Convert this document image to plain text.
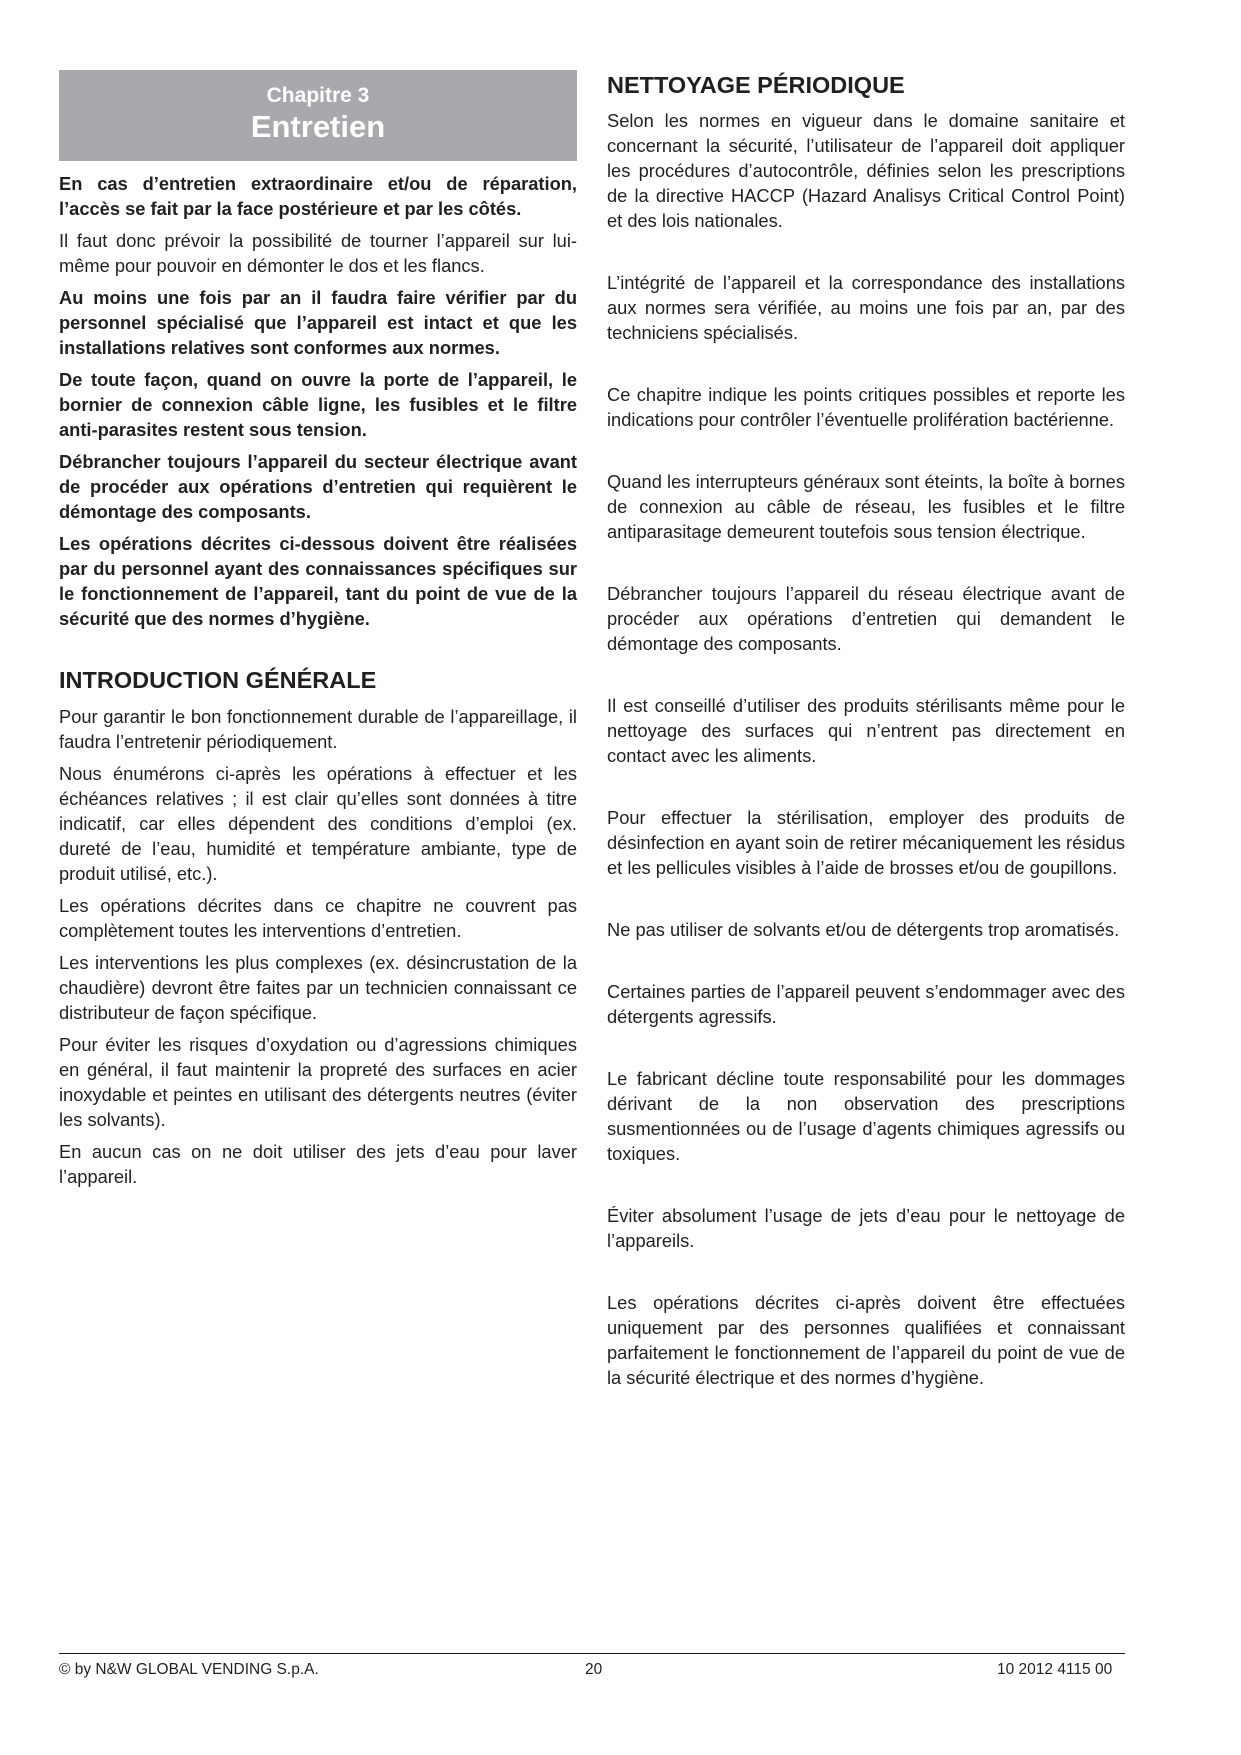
Chapitre 3
Entretien

En cas d’entretien extraordinaire et/ou de réparation, l’accès se fait par la face postérieure et par les côtés.

Il faut donc prévoir la possibilité de tourner l’appareil sur lui-même pour pouvoir en démonter le dos et les flancs.

Au moins une fois par an il faudra faire vérifier par du personnel spécialisé que l’appareil est intact et que les installations relatives sont conformes aux normes.

De toute façon, quand on ouvre la porte de l’appareil, le bornier de connexion câble ligne, les fusibles et le filtre anti-parasites restent sous tension.

Débrancher toujours l’appareil du secteur électrique avant de procéder aux opérations d’entretien qui requièrent le démontage des composants.

Les opérations décrites ci-dessous doivent être réalisées par du personnel ayant des connaissances spécifiques sur le fonctionnement de l’appareil, tant du point de vue de la sécurité que des normes d’hygiène.

INTRODUCTION GÉNÉRALE

Pour garantir le bon fonctionnement durable de l’appareillage, il faudra l’entretenir périodiquement.

Nous énumérons ci-après les opérations à effectuer et les échéances relatives ; il est clair qu’elles sont données à titre indicatif, car elles dépendent des conditions d’emploi (ex. dureté de l’eau, humidité et température ambiante, type de produit utilisé, etc.).

Les opérations décrites dans ce chapitre ne couvrent pas complètement toutes les interventions d’entretien.

Les interventions les plus complexes (ex. désincrustation de la chaudière) devront être faites par un technicien connaissant ce distributeur de façon spécifique.

Pour éviter les risques d’oxydation ou d’agressions chimiques en général, il faut maintenir la propreté des surfaces en acier inoxydable et peintes en utilisant des détergents neutres (éviter les solvants).

En aucun cas on ne doit utiliser des jets d’eau pour laver l’appareil.

NETTOYAGE PÉRIODIQUE

Selon les normes en vigueur dans le domaine sanitaire et concernant la sécurité, l’utilisateur de l’appareil doit appliquer les procédures d’autocontrôle, définies selon les prescriptions de la directive HACCP (Hazard Analisys Critical Control Point) et des lois nationales.

L’intégrité de l’appareil et la correspondance des installations aux normes sera vérifiée, au moins une fois par an, par des techniciens spécialisés.

Ce chapitre indique les points critiques possibles et reporte les indications pour contrôler l’éventuelle prolifération bactérienne.

Quand les interrupteurs généraux sont éteints, la boîte à bornes de connexion au câble de réseau, les fusibles et le filtre antiparasitage demeurent toutefois sous tension électrique.

Débrancher toujours l’appareil du réseau électrique avant de procéder aux opérations d’entretien qui demandent le démontage des composants.

Il est conseillé d’utiliser des produits stérilisants même pour le nettoyage des surfaces qui n’entrent pas directement en contact avec les aliments.

Pour effectuer la stérilisation, employer des produits de désinfection en ayant soin de retirer mécaniquement les résidus et les pellicules visibles à l’aide de brosses et/ou de goupillons.

Ne pas utiliser de solvants et/ou de détergents trop aromatisés.

Certaines parties de l’appareil peuvent s’endommager avec des détergents agressifs.

Le fabricant décline toute responsabilité pour les dommages dérivant de la non observation des prescriptions susmentionnées ou de l’usage d’agents chimiques agressifs ou toxiques.

Éviter absolument l’usage de jets d’eau pour le nettoyage de l’appareils.

Les opérations décrites ci-après doivent être effectuées uniquement par des personnes qualifiées et connaissant parfaitement le fonctionnement de l’appareil du point de vue de la sécurité électrique et des normes d’hygiène.

© by N&W GLOBAL VENDING S.p.A.	20	10 2012 4115 00
